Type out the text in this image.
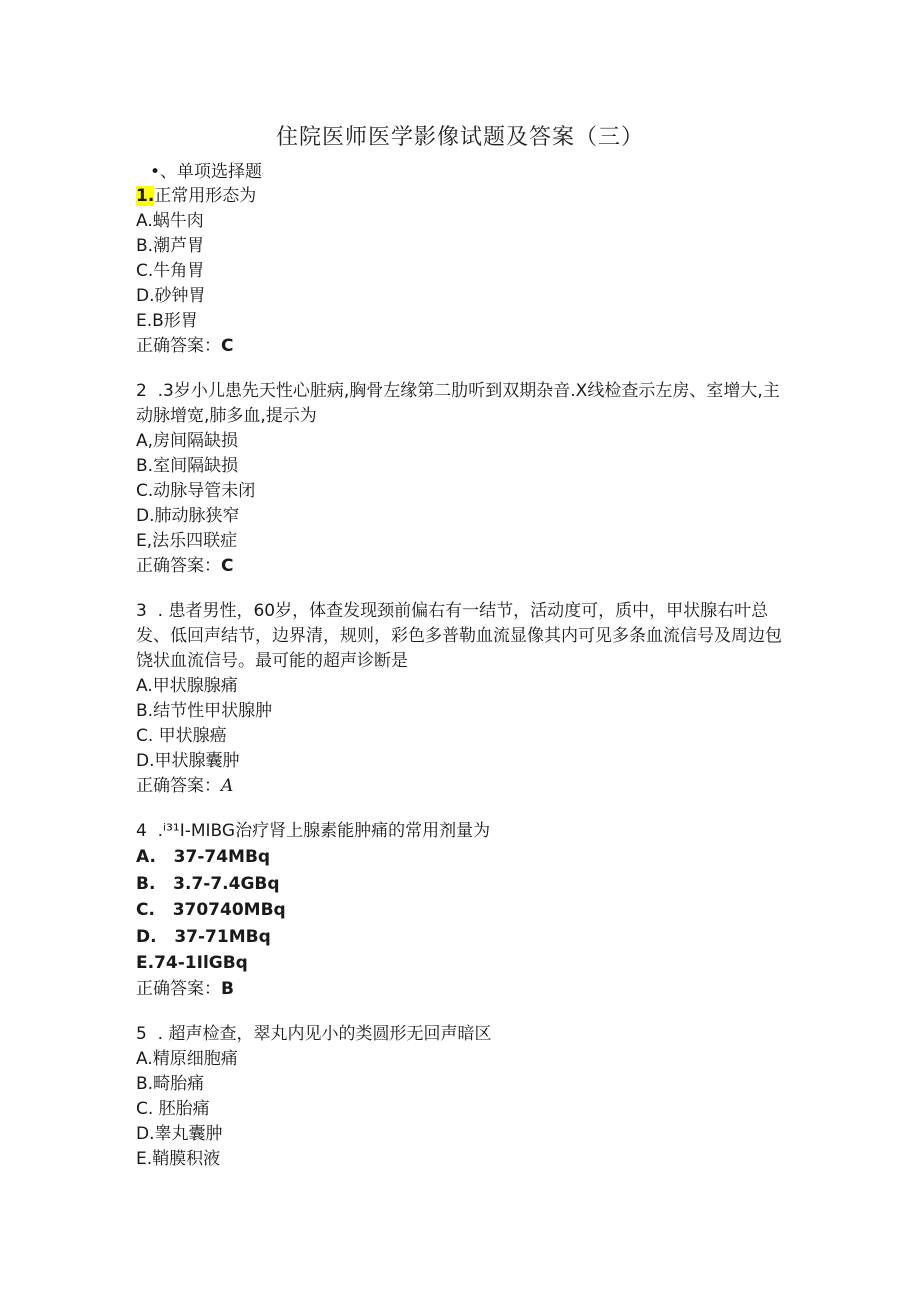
住院医师医学影像试题及答案（三）
•、单项选择题
1.正常用形态为
A.蜗牛肉
B.潮芦胃
C.牛角胃
D.砂钟胃
E.B形胃
正确答案：C
2 .3岁小儿患先天性心脏病,胸骨左缘第二肋听到双期杂音.X线检查示左房、室增大,主动脉增宽,肺多血,提示为
A,房间隔缺损
B.室间隔缺损
C.动脉导管未闭
D.肺动脉狭窄
E,法乐四联症
正确答案：C
3 . 患者男性，60岁，体查发现颈前偏右有一结节，活动度可，质中，甲状腺右叶总发、低回声结节，边界清，规则，彩色多普勒血流显像其内可见多条血流信号及周边包饶状血流信号。最可能的超声诊断是
A.甲状腺腺痛
B.结节性甲状腺肿
C. 甲状腺癌
D.甲状腺囊肿
正确答案：A
4 .ⁱ³¹I-MIBG治疗肾上腺素能肿痛的常用剂量为
A.   37-74MBq
B.   3.7-7.4GBq
C.   370740MBq
D.   37-71MBq
E.74-1IlGBq
正确答案：B
5 . 超声检查，翠丸内见小的类圆形无回声暗区
A.精原细胞痛
B.畸胎痛
C. 胚胎痛
D.睾丸囊肿
E.鞘膜积液
